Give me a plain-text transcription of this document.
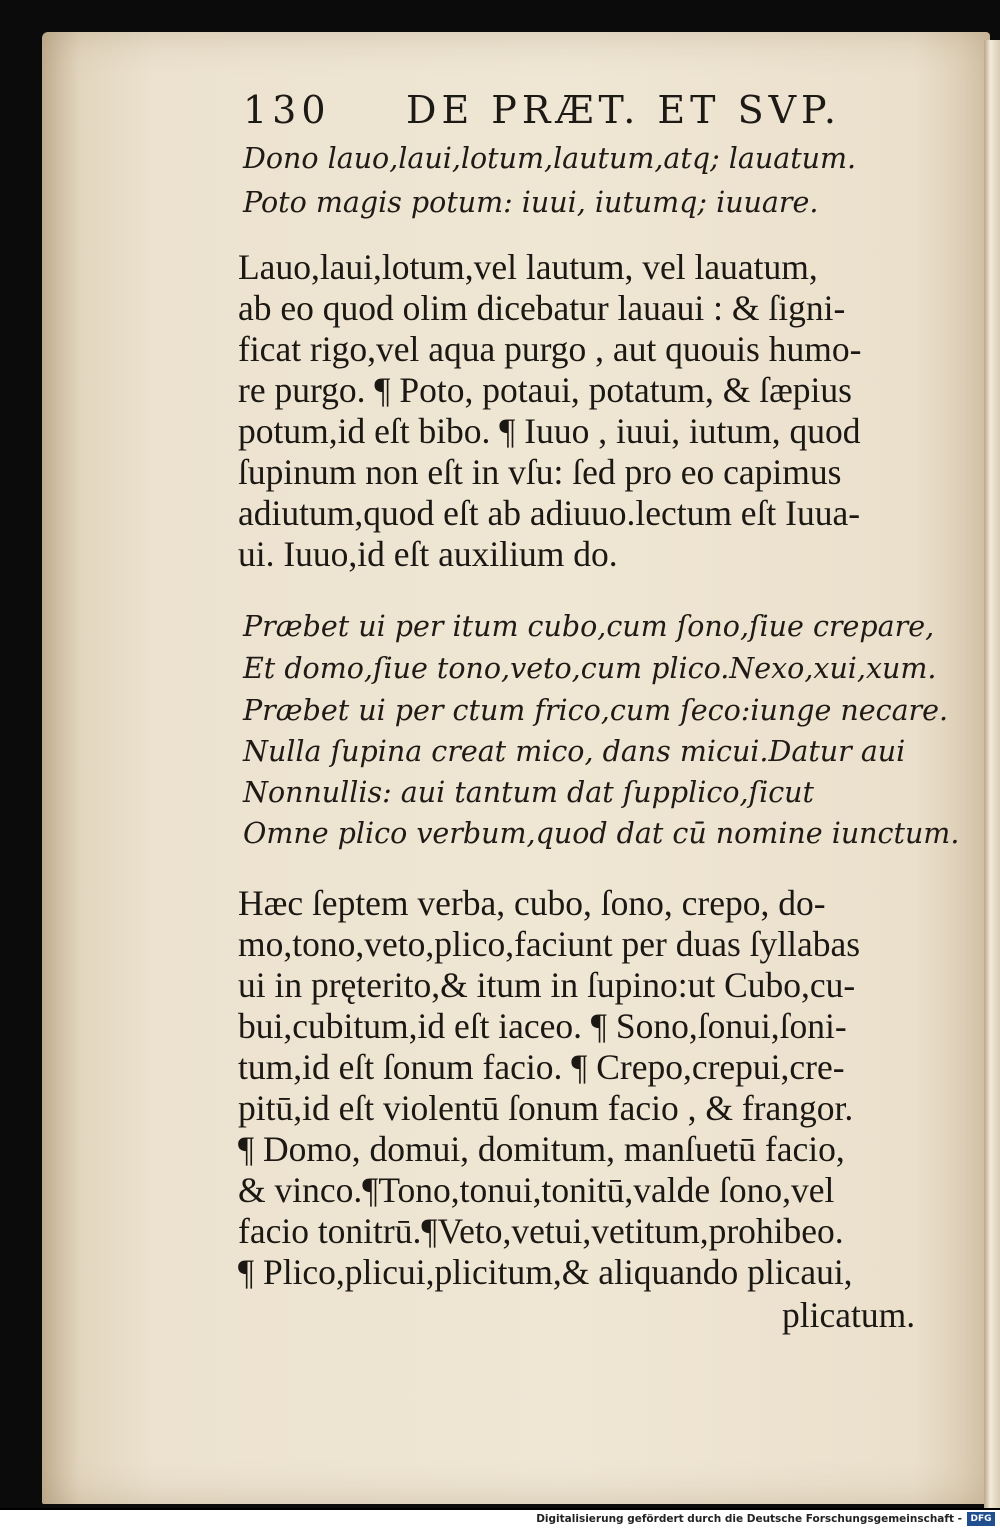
130 DE PRÆT. ET SVP.
Dono lauo,laui,lotum,lautum,atq; lauatum.
Poto magis potum: iuui, iutumq; iuuare.
Lauo,laui,lotum,vel lautum, vel lauatum,
ab eo quod olim dicebatur lauaui : & ſigni-
ficat rigo,vel aqua purgo , aut quouis humo-
re purgo. ¶ Poto, potaui, potatum, & ſæpius
potum,id eſt bibo. ¶ Iuuo , iuui, iutum, quod
ſupinum non eſt in vſu: ſed pro eo capimus
adiutum,quod eſt ab adiuuo.lectum eſt Iuua-
ui. Iuuo,id eſt auxilium do.
Præbet ui per itum cubo,cum ſono,ſiue crepare,
Et domo,ſiue tono,veto,cum plico.Nexo,xui,xum.
Præbet ui per ctum frico,cum ſeco:iunge necare.
Nulla ſupina creat mico, dans micui.Datur aui
Nonnullis: aui tantum dat ſupplico,ſicut
Omne plico verbum,quod dat cū nomine iunctum.
Hæc ſeptem verba, cubo, ſono, crepo, do-
mo,tono,veto,plico,faciunt per duas ſyllabas
ui in pręterito,& itum in ſupino:ut Cubo,cu-
bui,cubitum,id eſt iaceo. ¶ Sono,ſonui,ſoni-
tum,id eſt ſonum facio. ¶ Crepo,crepui,cre-
pitū,id eſt violentū ſonum facio , & frangor.
¶ Domo, domui, domitum, manſuetū facio,
& vinco.¶Tono,tonui,tonitū,valde ſono,vel
facio tonitrū.¶Veto,vetui,vetitum,prohibeo.
¶ Plico,plicui,plicitum,& aliquando plicaui,
plicatum.
Digitalisierung gefördert durch die Deutsche Forschungsgemeinschaft - DFG
